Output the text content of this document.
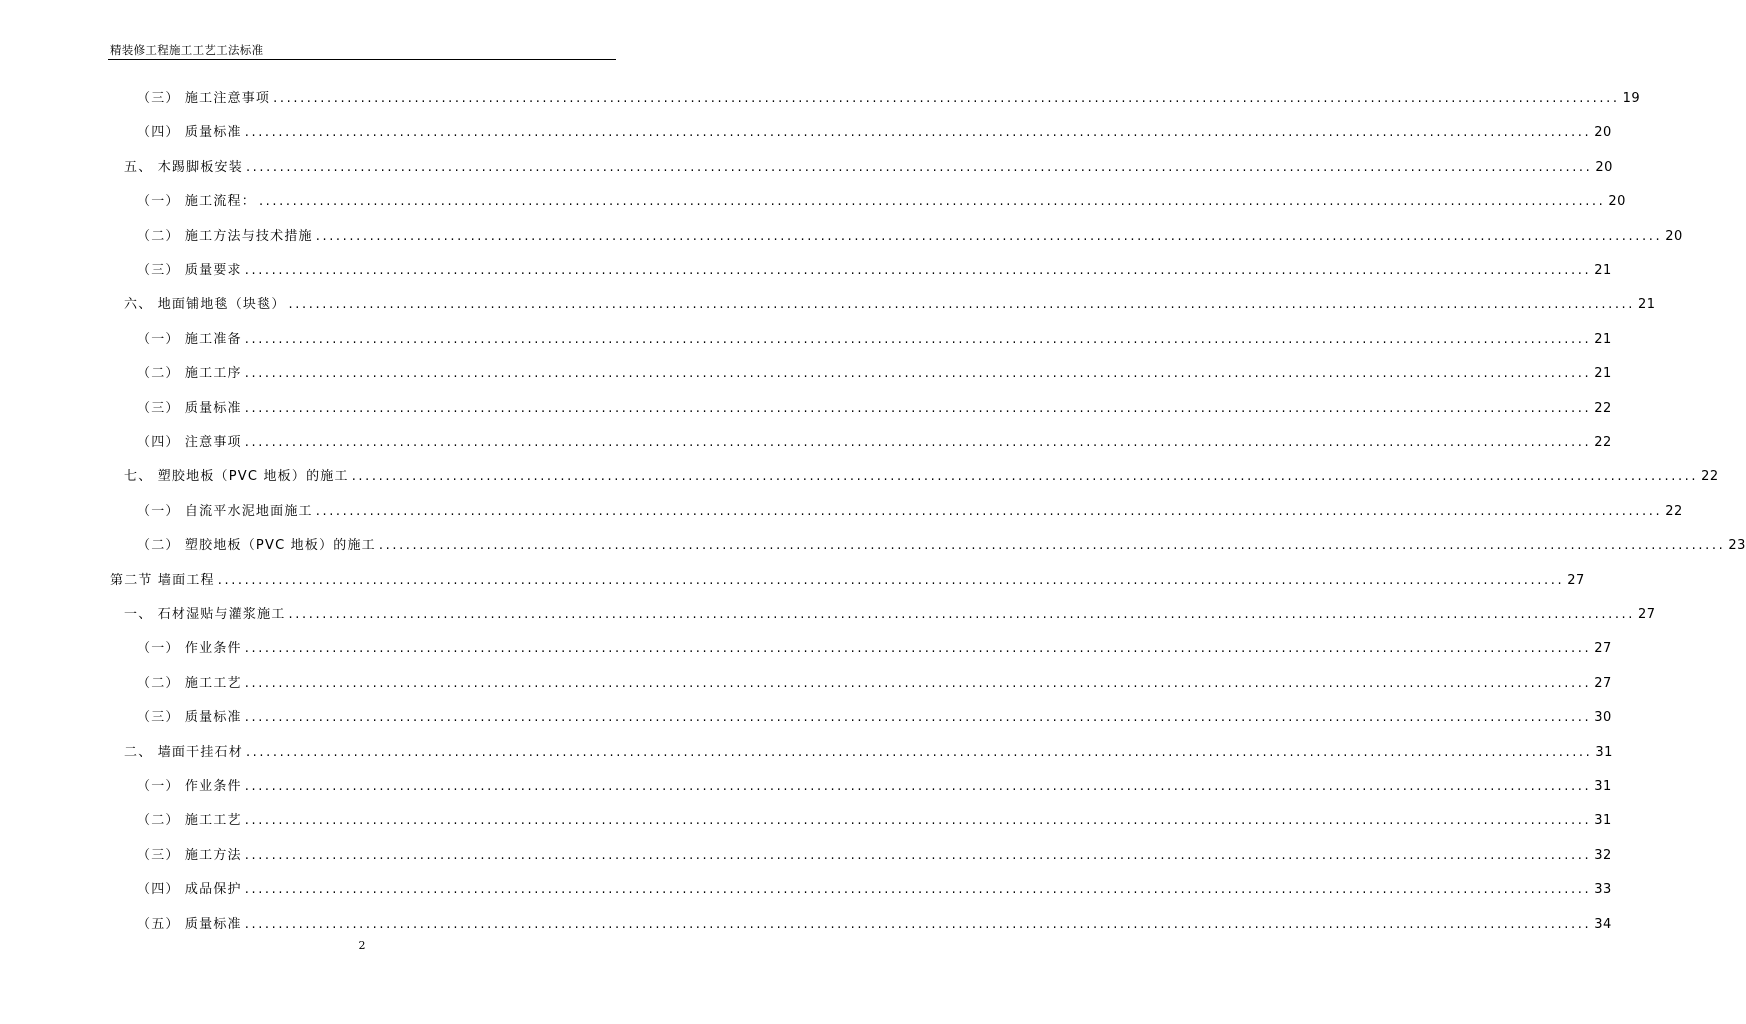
精装修工程施工工艺工法标准
（三） 施工注意事项 ........................................................................................................................................................................................................ 19
（四） 质量标准 ........................................................................................................................................................................................................ 20
五、 木踢脚板安装 ........................................................................................................................................................................................................ 20
（一） 施工流程： ........................................................................................................................................................................................................ 20
（二） 施工方法与技术措施 ........................................................................................................................................................................................................ 20
（三） 质量要求 ........................................................................................................................................................................................................ 21
六、 地面铺地毯（块毯） ........................................................................................................................................................................................................ 21
（一） 施工准备 ........................................................................................................................................................................................................ 21
（二） 施工工序 ........................................................................................................................................................................................................ 21
（三） 质量标准 ........................................................................................................................................................................................................ 22
（四） 注意事项 ........................................................................................................................................................................................................ 22
七、 塑胶地板（PVC 地板）的施工 ........................................................................................................................................................................................................ 22
（一） 自流平水泥地面施工 ........................................................................................................................................................................................................ 22
（二） 塑胶地板（PVC 地板）的施工 ........................................................................................................................................................................................................ 23
第二节 墙面工程 ........................................................................................................................................................................................................ 27
一、 石材湿贴与灌浆施工 ........................................................................................................................................................................................................ 27
（一） 作业条件 ........................................................................................................................................................................................................ 27
（二） 施工工艺 ........................................................................................................................................................................................................ 27
（三） 质量标准 ........................................................................................................................................................................................................ 30
二、 墙面干挂石材 ........................................................................................................................................................................................................ 31
（一） 作业条件 ........................................................................................................................................................................................................ 31
（二） 施工工艺 ........................................................................................................................................................................................................ 31
（三） 施工方法 ........................................................................................................................................................................................................ 32
（四） 成品保护 ........................................................................................................................................................................................................ 33
（五） 质量标准 ........................................................................................................................................................................................................ 34
2
